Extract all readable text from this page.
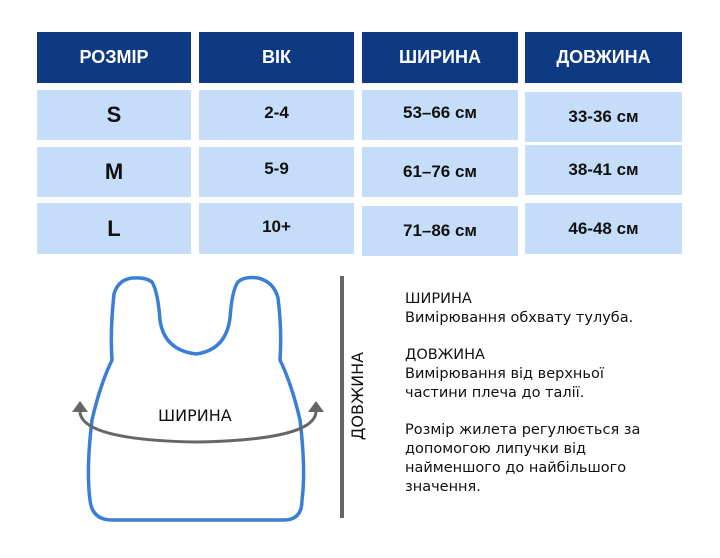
РОЗМІР	ВІК	ШИРИНА	ДОВЖИНА
S	2-4	53–66 см	33-36 см
M	5-9	61–76 см	38-41 см
L	10+	71–86 см	46-48 см
ШИРИНА	ДОВЖИНА

ШИРИНА

Вимірювання обхвату тулуба.

ДОВЖИНА

Вимірювання від верхньої

частини плеча до талії.

Розмір жилета регулюється за

допомогою липучки від

найменшого до найбільшого

значення.
